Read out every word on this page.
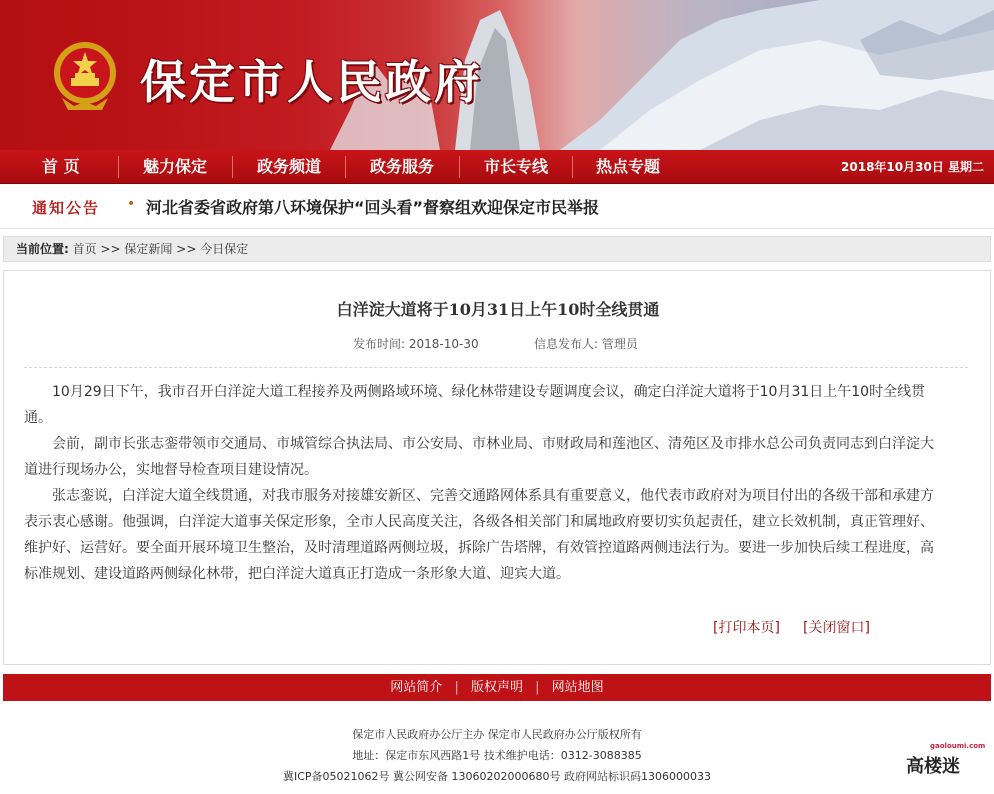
保定市人民政府
首 页	魅力保定	政务频道	政务服务	市长专线	热点专题	2018年10月30日 星期二
通知公告 • 河北省委省政府第八环境保护“回头看”督察组欢迎保定市民举报
当前位置: 首页 >> 保定新闻 >> 今日保定
白洋淀大道将于10月31日上午10时全线贯通
发布时间: 2018-10-30	信息发布人: 管理员

10月29日下午，我市召开白洋淀大道工程接养及两侧路域环境、绿化林带建设专题调度会议，确定白洋淀大道将于10月31日上午10时全线贯通。

会前，副市长张志銮带领市交通局、市城管综合执法局、市公安局、市林业局、市财政局和莲池区、清苑区及市排水总公司负责同志到白洋淀大道进行现场办公，实地督导检查项目建设情况。

张志銮说，白洋淀大道全线贯通，对我市服务对接雄安新区、完善交通路网体系具有重要意义，他代表市政府对为项目付出的各级干部和承建方表示衷心感谢。他强调，白洋淀大道事关保定形象，全市人民高度关注，各级各相关部门和属地政府要切实负起责任，建立长效机制，真正管理好、维护好、运营好。要全面开展环境卫生整治，及时清理道路两侧垃圾，拆除广告塔牌，有效管控道路两侧违法行为。要进一步加快后续工程进度，高标准规划、建设道路两侧绿化林带，把白洋淀大道真正打造成一条形象大道、迎宾大道。

[打印本页] [关闭窗口]
网站简介 | 版权声明 | 网站地图
保定市人民政府办公厅主办 保定市人民政府办公厅版权所有
地址：保定市东风西路1号 技术维护电话：0312-3088385
冀ICP备05021062号 冀公网安备 13060202000680号 政府网站标识码1306000033	高楼迷
gaoloumi.com
